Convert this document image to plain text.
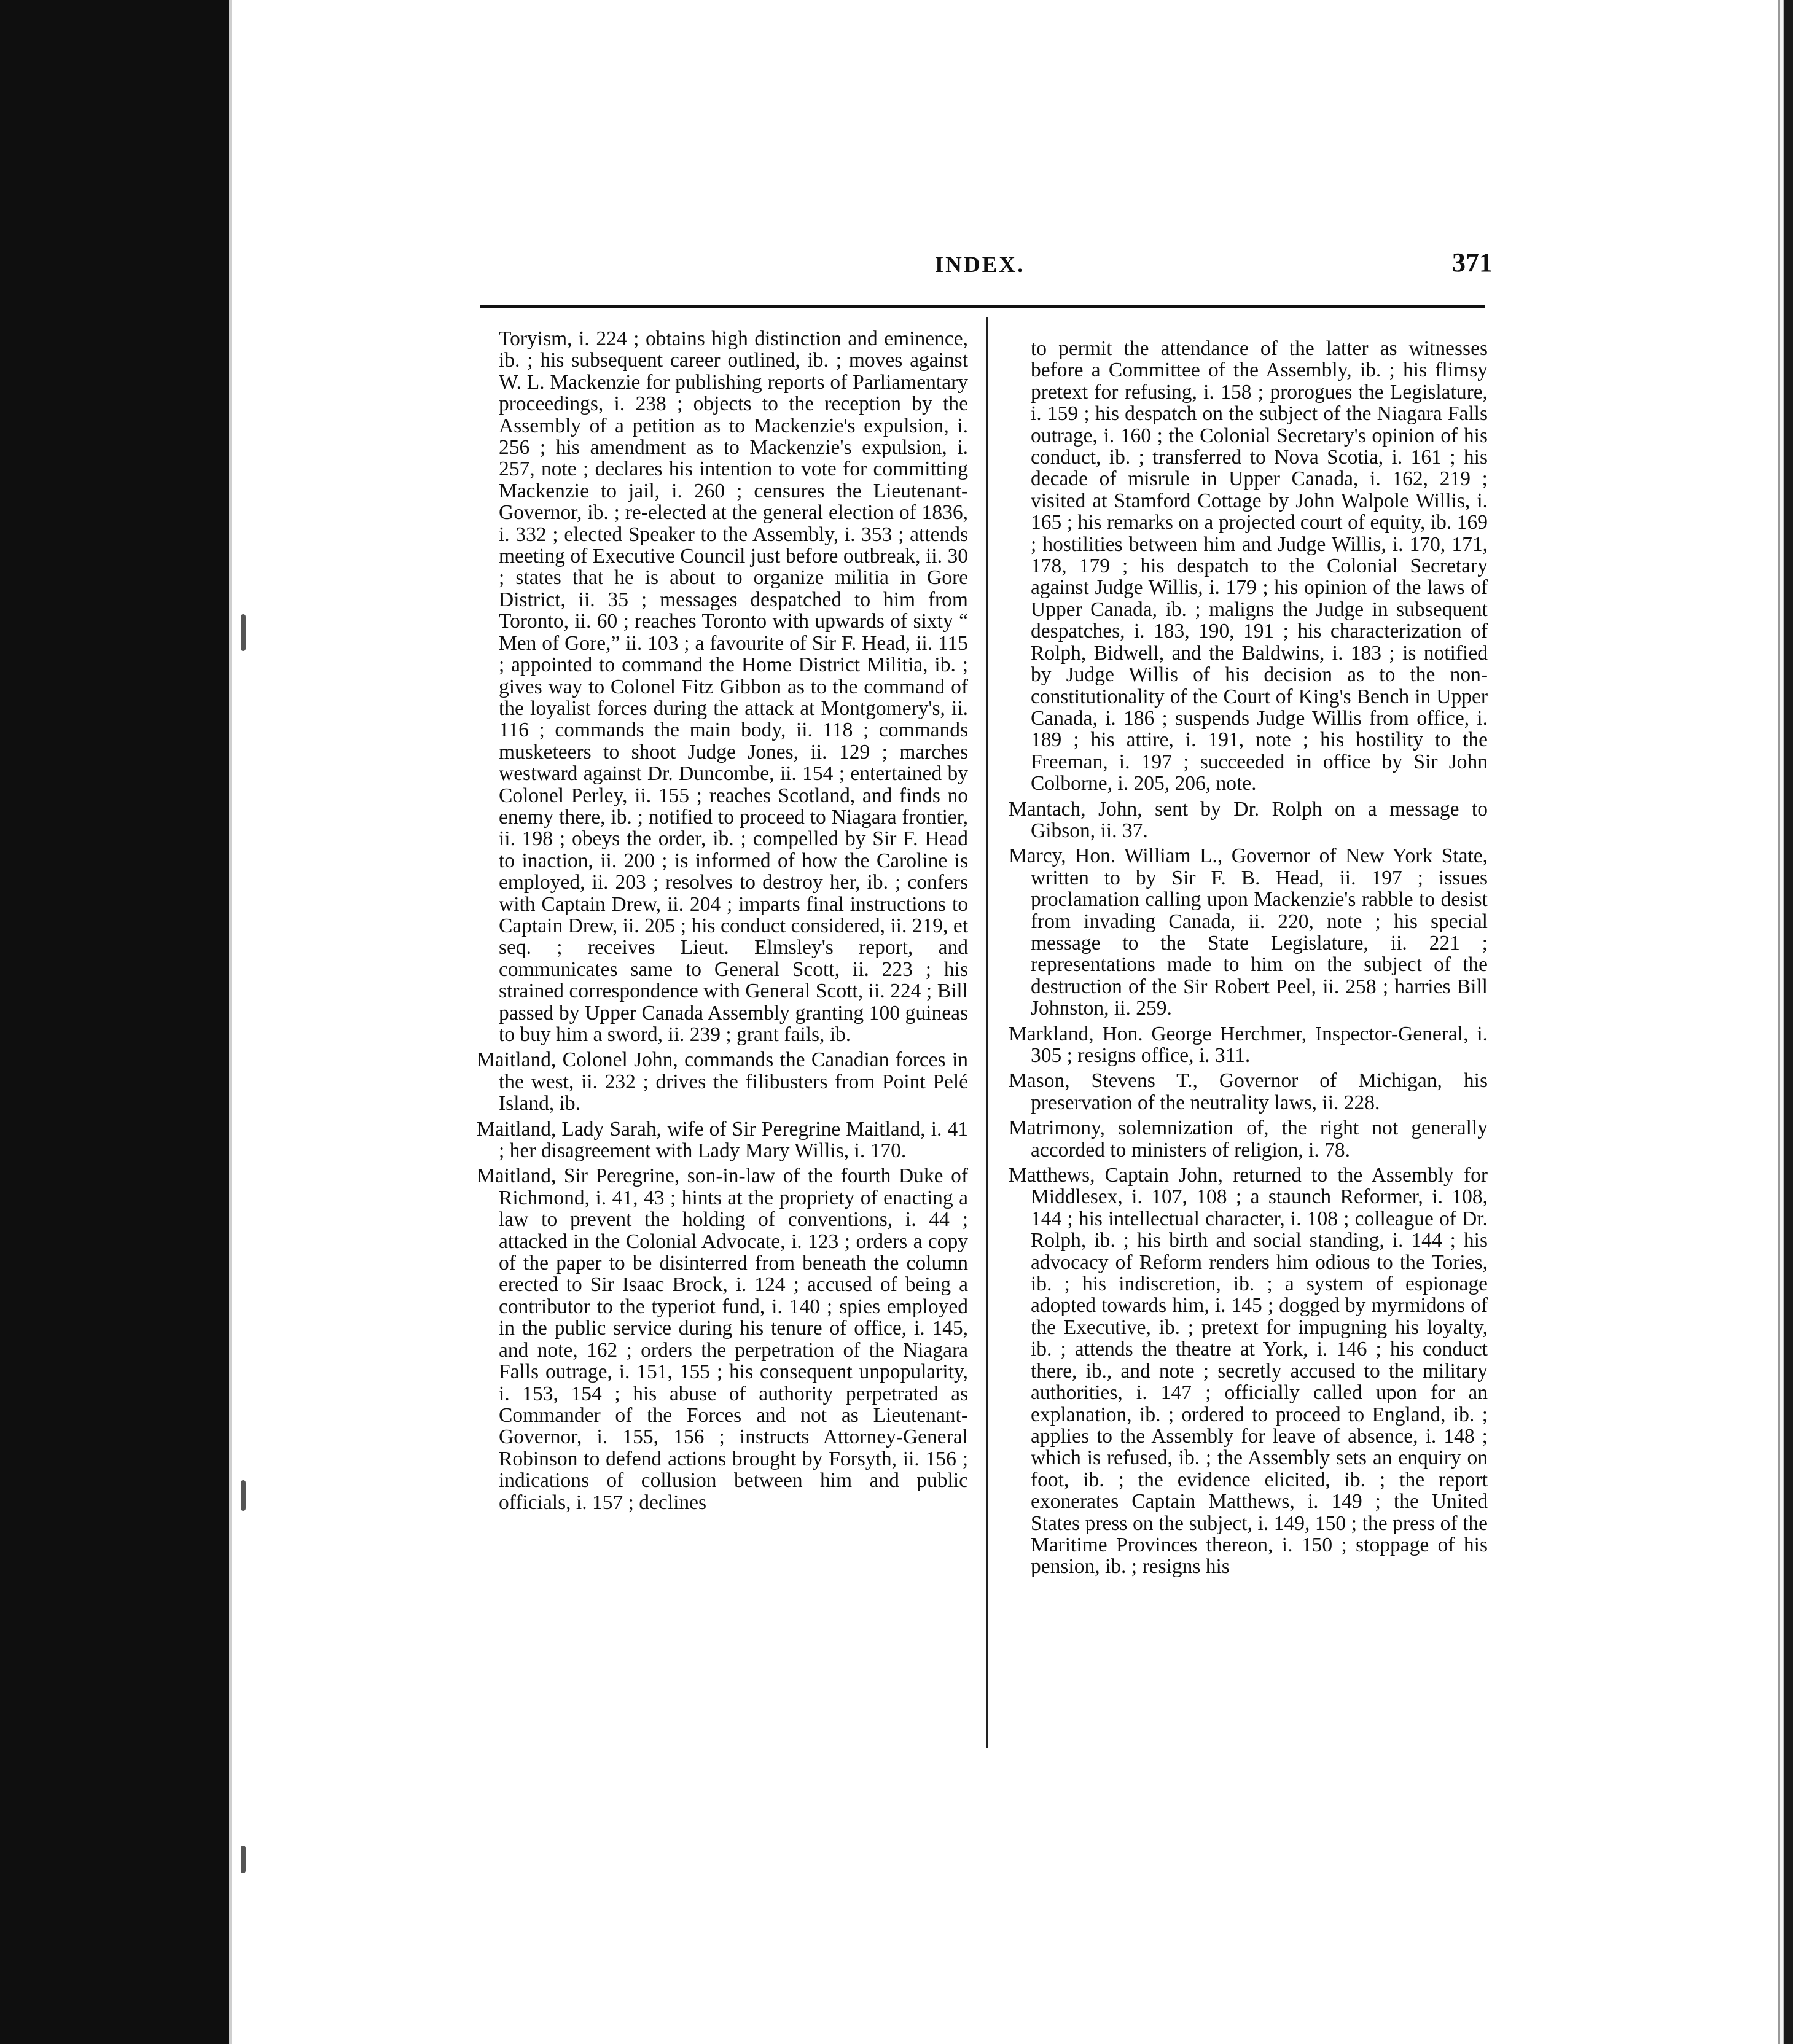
INDEX.	371

Toryism, i. 224 ; obtains high distinction and eminence, ib. ; his subsequent career outlined, ib. ; moves against W. L. Mackenzie for publishing reports of Parliamentary proceedings, i. 238 ; objects to the reception by the Assembly of a petition as to Mackenzie's expulsion, i. 256 ; his amendment as to Mackenzie's expulsion, i. 257, note ; declares his intention to vote for committing Mackenzie to jail, i. 260 ; censures the Lieutenant-Governor, ib. ; re-elected at the general election of 1836, i. 332 ; elected Speaker to the Assembly, i. 353 ; attends meeting of Executive Council just before outbreak, ii. 30 ; states that he is about to organize militia in Gore District, ii. 35 ; messages despatched to him from Toronto, ii. 60 ; reaches Toronto with upwards of sixty “ Men of Gore,” ii. 103 ; a favourite of Sir F. Head, ii. 115 ; appointed to command the Home District Militia, ib. ; gives way to Colonel Fitz Gibbon as to the command of the loyalist forces during the attack at Montgomery's, ii. 116 ; commands the main body, ii. 118 ; commands musketeers to shoot Judge Jones, ii. 129 ; marches westward against Dr. Duncombe, ii. 154 ; entertained by Colonel Perley, ii. 155 ; reaches Scotland, and finds no enemy there, ib. ; notified to proceed to Niagara frontier, ii. 198 ; obeys the order, ib. ; compelled by Sir F. Head to inaction, ii. 200 ; is informed of how the Caroline is employed, ii. 203 ; resolves to destroy her, ib. ; confers with Captain Drew, ii. 204 ; imparts final instructions to Captain Drew, ii. 205 ; his conduct considered, ii. 219, et seq. ; receives Lieut. Elmsley's report, and communicates same to General Scott, ii. 223 ; his strained correspondence with General Scott, ii. 224 ; Bill passed by Upper Canada Assembly granting 100 guineas to buy him a sword, ii. 239 ; grant fails, ib.

Maitland, Colonel John, commands the Canadian forces in the west, ii. 232 ; drives the filibusters from Point Pelé Island, ib.

Maitland, Lady Sarah, wife of Sir Peregrine Maitland, i. 41 ; her disagreement with Lady Mary Willis, i. 170.

Maitland, Sir Peregrine, son-in-law of the fourth Duke of Richmond, i. 41, 43 ; hints at the propriety of enacting a law to prevent the holding of conventions, i. 44 ; attacked in the Colonial Advocate, i. 123 ; orders a copy of the paper to be disinterred from beneath the column erected to Sir Isaac Brock, i. 124 ; accused of being a contributor to the typeriot fund, i. 140 ; spies employed in the public service during his tenure of office, i. 145, and note, 162 ; orders the perpetration of the Niagara Falls outrage, i. 151, 155 ; his consequent unpopularity, i. 153, 154 ; his abuse of authority perpetrated as Commander of the Forces and not as Lieutenant-Governor, i. 155, 156 ; instructs Attorney-General Robinson to defend actions brought by Forsyth, ii. 156 ; indications of collusion between him and public officials, i. 157 ; declines

to permit the attendance of the latter as witnesses before a Committee of the Assembly, ib. ; his flimsy pretext for refusing, i. 158 ; prorogues the Legislature, i. 159 ; his despatch on the subject of the Niagara Falls outrage, i. 160 ; the Colonial Secretary's opinion of his conduct, ib. ; transferred to Nova Scotia, i. 161 ; his decade of misrule in Upper Canada, i. 162, 219 ; visited at Stamford Cottage by John Walpole Willis, i. 165 ; his remarks on a projected court of equity, ib. 169 ; hostilities between him and Judge Willis, i. 170, 171, 178, 179 ; his despatch to the Colonial Secretary against Judge Willis, i. 179 ; his opinion of the laws of Upper Canada, ib. ; maligns the Judge in subsequent despatches, i. 183, 190, 191 ; his characterization of Rolph, Bidwell, and the Baldwins, i. 183 ; is notified by Judge Willis of his decision as to the non-constitutionality of the Court of King's Bench in Upper Canada, i. 186 ; suspends Judge Willis from office, i. 189 ; his attire, i. 191, note ; his hostility to the Freeman, i. 197 ; succeeded in office by Sir John Colborne, i. 205, 206, note.

Mantach, John, sent by Dr. Rolph on a message to Gibson, ii. 37.

Marcy, Hon. William L., Governor of New York State, written to by Sir F. B. Head, ii. 197 ; issues proclamation calling upon Mackenzie's rabble to desist from invading Canada, ii. 220, note ; his special message to the State Legislature, ii. 221 ; representations made to him on the subject of the destruction of the Sir Robert Peel, ii. 258 ; harries Bill Johnston, ii. 259.

Markland, Hon. George Herchmer, Inspector-General, i. 305 ; resigns office, i. 311.

Mason, Stevens T., Governor of Michigan, his preservation of the neutrality laws, ii. 228.

Matrimony, solemnization of, the right not generally accorded to ministers of religion, i. 78.

Matthews, Captain John, returned to the Assembly for Middlesex, i. 107, 108 ; a staunch Reformer, i. 108, 144 ; his intellectual character, i. 108 ; colleague of Dr. Rolph, ib. ; his birth and social standing, i. 144 ; his advocacy of Reform renders him odious to the Tories, ib. ; his indiscretion, ib. ; a system of espionage adopted towards him, i. 145 ; dogged by myrmidons of the Executive, ib. ; pretext for impugning his loyalty, ib. ; attends the theatre at York, i. 146 ; his conduct there, ib., and note ; secretly accused to the military authorities, i. 147 ; officially called upon for an explanation, ib. ; ordered to proceed to England, ib. ; applies to the Assembly for leave of absence, i. 148 ; which is refused, ib. ; the Assembly sets an enquiry on foot, ib. ; the evidence elicited, ib. ; the report exonerates Captain Matthews, i. 149 ; the United States press on the subject, i. 149, 150 ; the press of the Maritime Provinces thereon, i. 150 ; stoppage of his pension, ib. ; resigns his
